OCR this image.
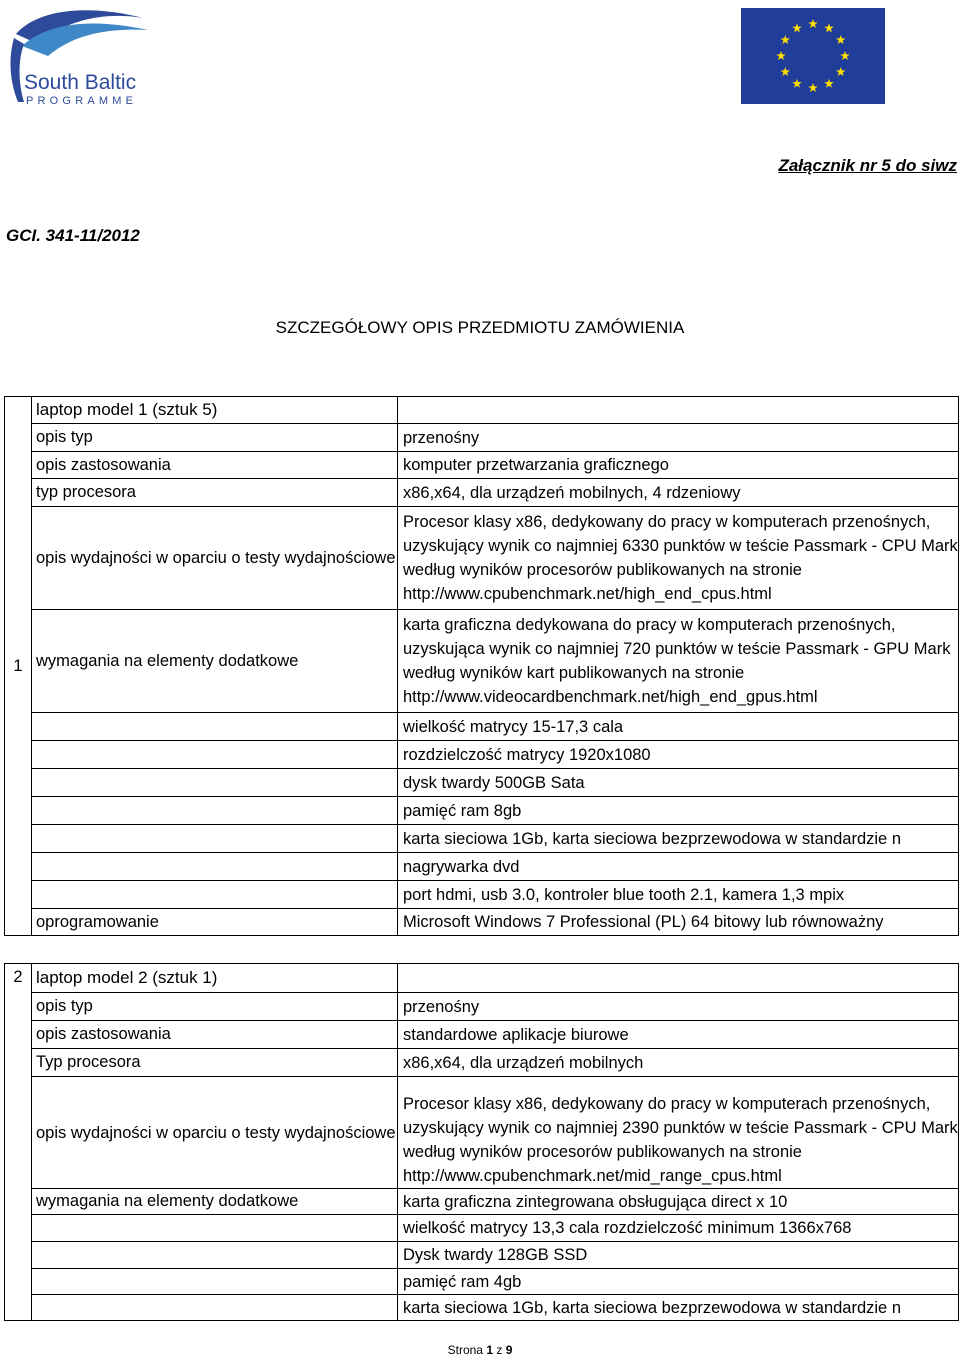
South Baltic
PROGRAMME
Załącznik nr 5 do siwz
GCI. 341-11/2012
SZCZEGÓŁOWY OPIS PRZEDMIOTU ZAMÓWIENIA
1	laptop model 1 (sztuk 5)	
	opis typ	przenośny
	opis zastosowania	komputer przetwarzania graficznego
	typ procesora	x86,x64, dla urządzeń mobilnych, 4 rdzeniowy
	opis wydajności w oparciu o testy wydajnościowe	Procesor klasy x86, dedykowany do pracy w komputerach przenośnych, uzyskujący wynik co najmniej 6330 punktów w teście Passmark - CPU Mark według wyników procesorów publikowanych na stronie http://www.cpubenchmark.net/high_end_cpus.html
	wymagania na elementy dodatkowe	karta graficzna dedykowana do pracy w komputerach przenośnych, uzyskująca wynik co najmniej 720 punktów w teście Passmark - GPU Mark według wyników kart publikowanych na stronie http://www.videocardbenchmark.net/high_end_gpus.html
		wielkość matrycy 15-17,3 cala
		rozdzielczość matrycy 1920x1080
		dysk twardy 500GB Sata
		pamięć ram 8gb
		karta sieciowa 1Gb, karta sieciowa bezprzewodowa w standardzie n
		nagrywarka dvd
		port hdmi, usb 3.0, kontroler blue tooth 2.1, kamera 1,3 mpix
	oprogramowanie	Microsoft Windows 7 Professional (PL) 64 bitowy lub równoważny
2	laptop model 2 (sztuk 1)	
	opis typ	przenośny
	opis zastosowania	standardowe aplikacje biurowe
	Typ procesora	x86,x64, dla urządzeń mobilnych
	opis wydajności w oparciu o testy wydajnościowe	Procesor klasy x86, dedykowany do pracy w komputerach przenośnych, uzyskujący wynik co najmniej 2390 punktów w teście Passmark - CPU Mark według wyników procesorów publikowanych na stronie http://www.cpubenchmark.net/mid_range_cpus.html
	wymagania na elementy dodatkowe	karta graficzna zintegrowana obsługująca direct x 10
		wielkość matrycy 13,3 cala rozdzielczość minimum 1366x768
		Dysk twardy 128GB SSD
		pamięć ram 4gb
		karta sieciowa 1Gb, karta sieciowa bezprzewodowa w standardzie n
Strona 1 z 9
